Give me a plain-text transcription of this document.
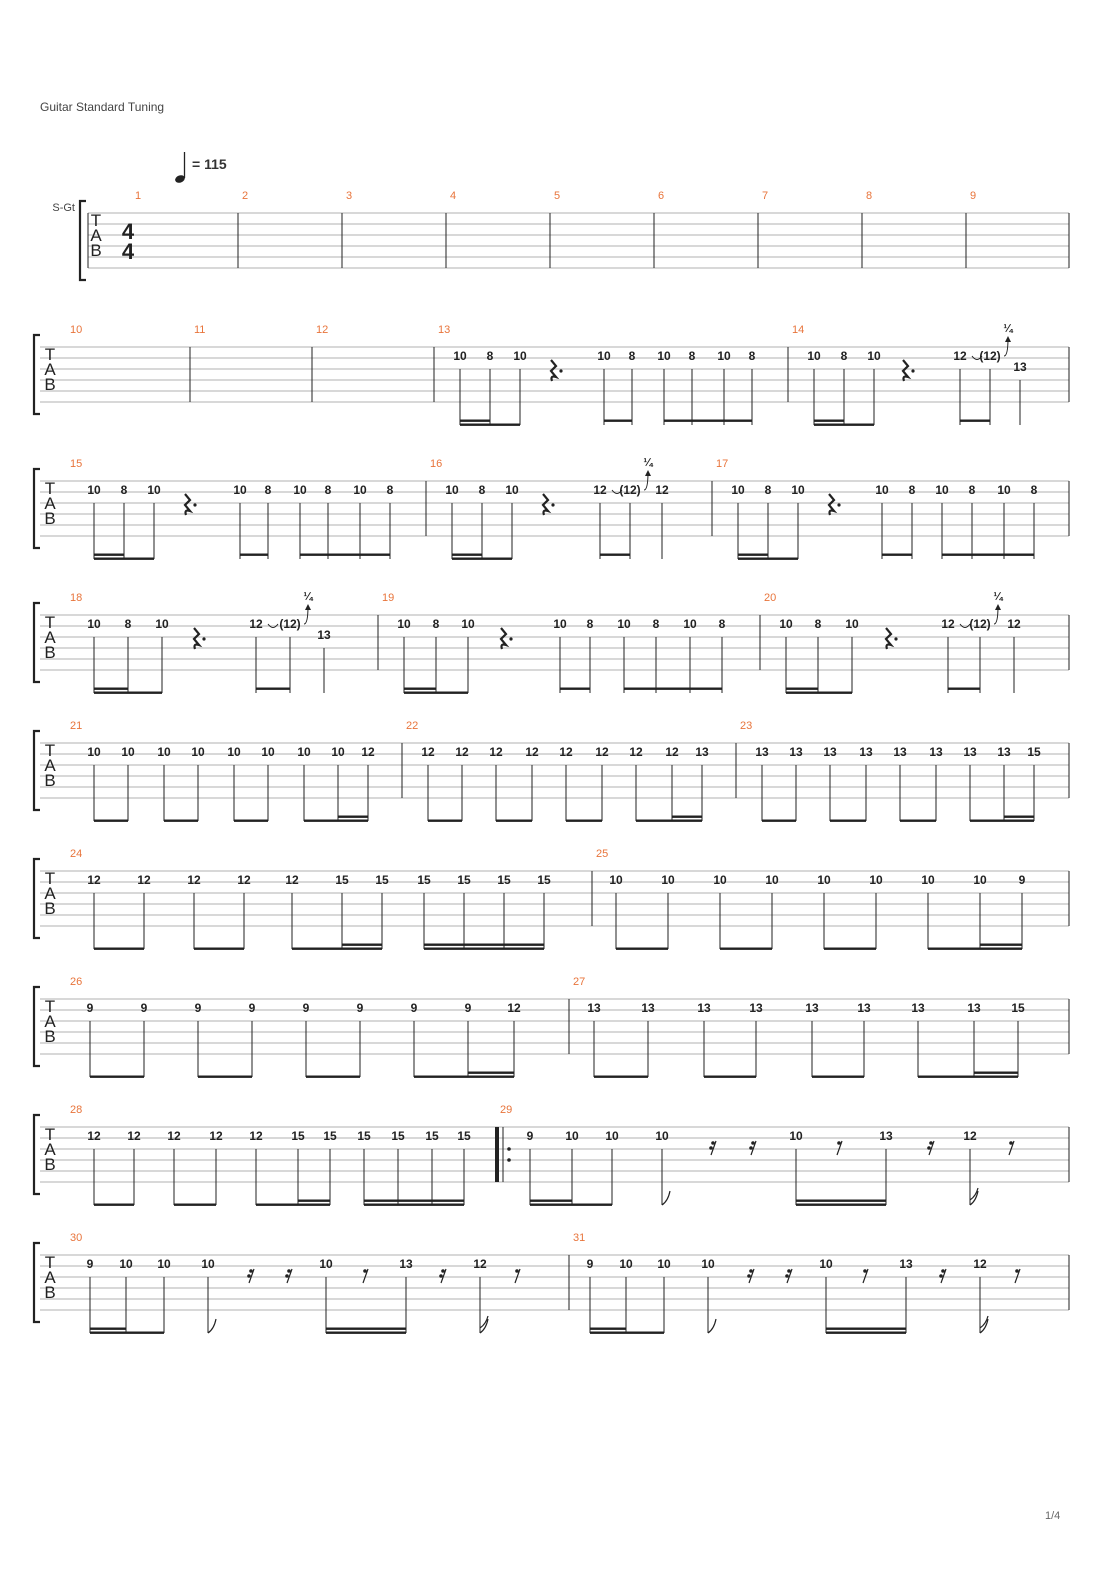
Guitar Standard Tuning
= 115
1/4
T
A
B
S-Gt
4
4
1	2	3	4	5	6	7	8	9
T
A
B
10	11	12	13	14
10 8 10	10 8 10 8 10 8	10 8 10	12 (12)
13
¼
T
A
B
15	16	17
10 8 10	10 8 10 8 10 8	10 8 10	12 (12) 12
¼
10 8 10	10 8 10 8 10 8
T
A
B
18	19	20
10 8 10	12 (12)
13
¼
10 8 10	10 8 10 8 10 8	10 8 10	12 (12) 12
¼
T
A
B
21	22	23
10 10 10 10 10 10 10 10 12	12 12 12 12 12 12 12 12 13	13 13 13 13 13 13 13 13 15
T
A
B
24	25
12	12	12	12	12	15 15 15 15 15 15	10	10	10	10	10	10	10	10	9
T
A
B
26	27
9	9	9	9	9	9	9	9	12	13	13	13	13	13	13	13	13	15
T
A
B
28	29
12 12 12 12 12 15 15 15 15 15 15	9	10 10	10	10	13	12
T
A
B
30	31
9 10 10	10	10	13	12	9 10 10	10	10	13	12
